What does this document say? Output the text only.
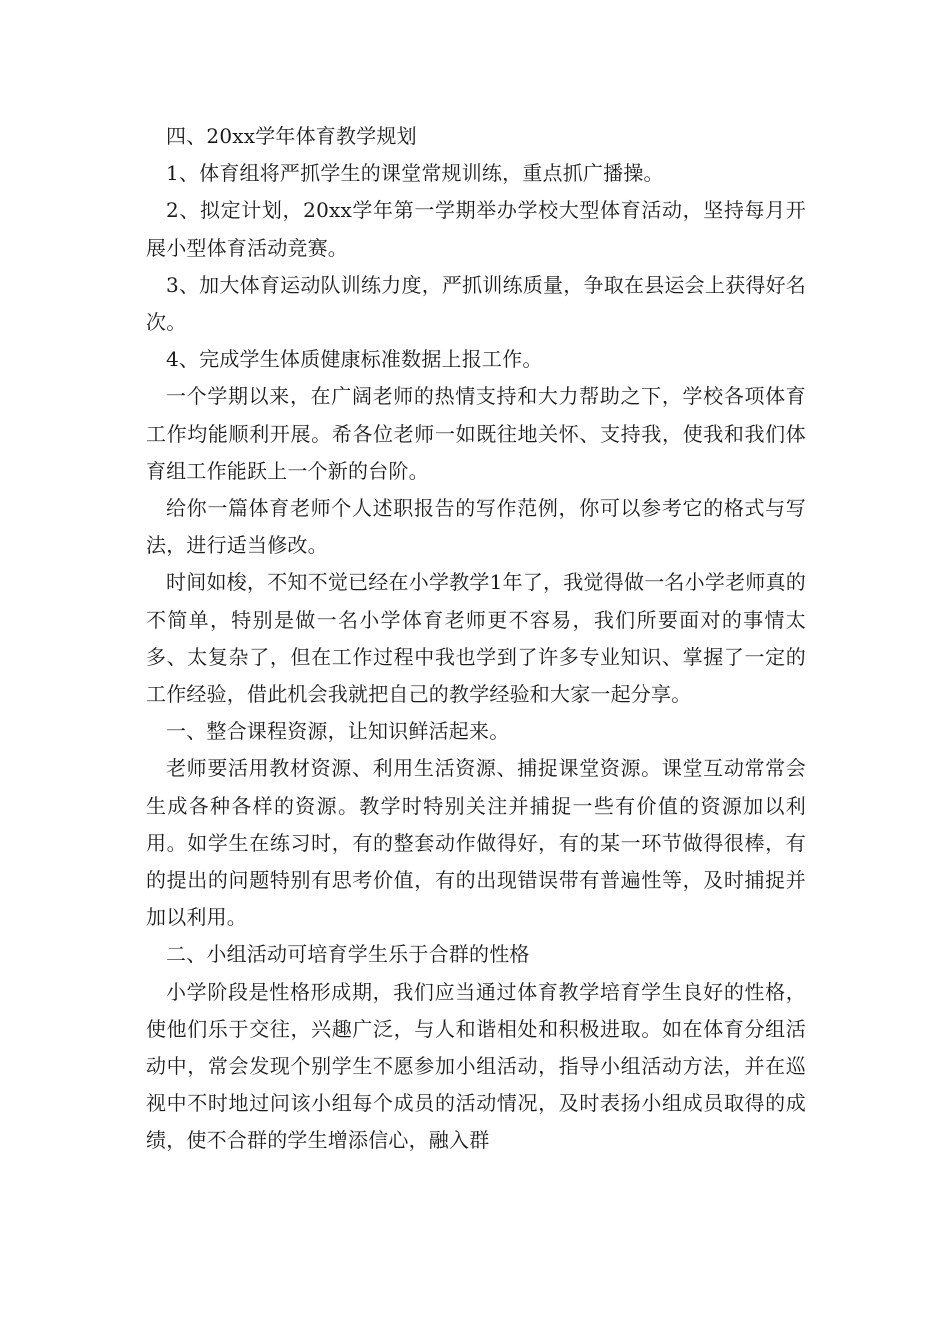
四、20xx学年体育教学规划

1、体育组将严抓学生的课堂常规训练，重点抓广播操。

2、拟定计划，20xx学年第一学期举办学校大型体育活动，坚持每月开展小型体育活动竞赛。

3、加大体育运动队训练力度，严抓训练质量，争取在县运会上获得好名次。

4、完成学生体质健康标准数据上报工作。

一个学期以来，在广阔老师的热情支持和大力帮助之下，学校各项体育工作均能顺利开展。希各位老师一如既往地关怀、支持我，使我和我们体育组工作能跃上一个新的台阶。

给你一篇体育老师个人述职报告的写作范例，你可以参考它的格式与写法，进行适当修改。

时间如梭，不知不觉已经在小学教学1年了，我觉得做一名小学老师真的不简单，特别是做一名小学体育老师更不容易，我们所要面对的事情太多、太复杂了，但在工作过程中我也学到了许多专业知识、掌握了一定的工作经验，借此机会我就把自己的教学经验和大家一起分享。

一、整合课程资源，让知识鲜活起来。

老师要活用教材资源、利用生活资源、捕捉课堂资源。课堂互动常常会生成各种各样的资源。教学时特别关注并捕捉一些有价值的资源加以利用。如学生在练习时，有的整套动作做得好，有的某一环节做得很棒，有的提出的问题特别有思考价值，有的出现错误带有普遍性等，及时捕捉并加以利用。

二、小组活动可培育学生乐于合群的性格

小学阶段是性格形成期，我们应当通过体育教学培育学生良好的性格，使他们乐于交往，兴趣广泛，与人和谐相处和积极进取。如在体育分组活动中，常会发现个别学生不愿参加小组活动，指导小组活动方法，并在巡视中不时地过问该小组每个成员的活动情况，及时表扬小组成员取得的成绩，使不合群的学生增添信心，融入群
